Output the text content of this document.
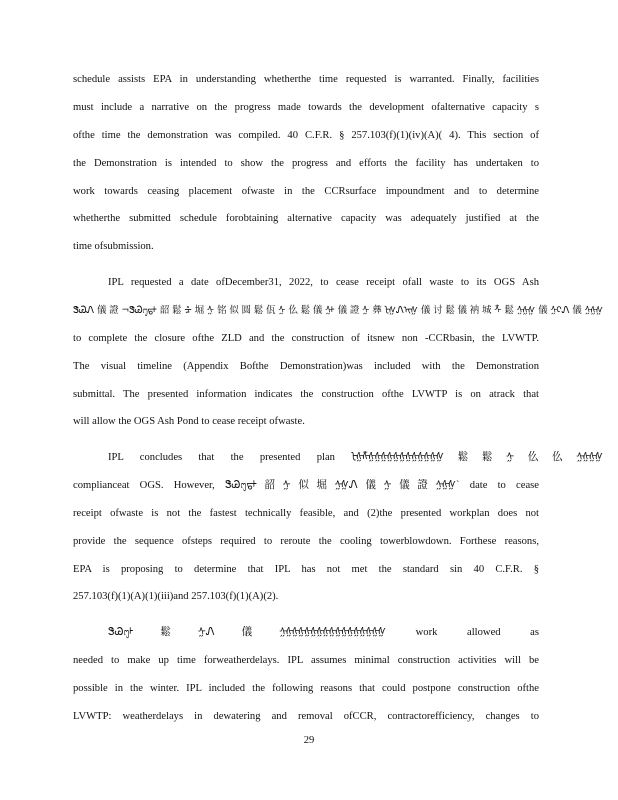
schedule assists EPA in understanding whetherthe time requested is warranted. Finally, facilities
must include a narrative on the progress made towards the development ofalternative capacity s
ofthe time the demonstration was compiled. 40 C.F.R. § 257.103(f)(1)(iv)(A)( 4). This section of
the Demonstration is intended to show the progress and efforts the facility has undertaken to
work towards ceasing placement ofwaste in the CCRsurface impoundment and to determine
whetherthe submitted schedule forobtaining alternative capacity was adequately justified at the
time ofsubmission.
IPL requested a date ofDecember31, 2022, to cease receipt ofall waste to its OGS Ash
ᏕᏊᏁ儀證¬ᏕᏊ᧕ᡖᡰ韶鬆ᡱ堀ᢢ铭似圆鬆佤ᢢ仫鬆儀ᢢᡰ儀證ᢢ彝ᡶᢢᏁᢈᢢ儀讨鬆儀衲城ᡮ鬆ᢢᢢᢢ儀ᢢᢈᏁ儀ᢢᢢᢢ
to complete the closure ofthe ZLD and the construction of itsnew non -CCRbasin, the LVWTP.
The visual timeline (Appendix Bofthe Demonstration)was included with the Demonstration
submittal. The presented information indicates the construction ofthe LVWTP is on atrack that
will allow the OGS Ash Pond to cease receipt ofwaste.
IPL concludes that the presented plan ᡶᢢᡮᢢᢢᢢᢢᢢᢢᢢᢢᢢᢢᢢᢢ鬆鬆ᢢ仫仫ᢢᢢᢢᢢ
complianceat OGS. However, ᏕᏊ᧕ᡖᡰ韶ᢢ似堀ᢢᢢᏁ儀ᢢ儀證ᢢᢢᢢ` date to cease
receipt ofwaste is not the fastest technically feasible, and (2)the presented workplan does not
provide the sequence ofsteps required to reroute the cooling towerblowdown. Forthese reasons,
EPA is proposing to determine that IPL has not met the standard sin 40 C.F.R. §
257.103(f)(1)(A)(1)(iii)and 257.103(f)(1)(A)(2).
ᏕᏊ᧕ᡰ鬆ᢢᏁ儀ᢢᢢᢢᢢᢢᢢᢢᢢᢢᢢᢢᢢᢢᢢᢢᢢᢢ work allowed as
needed to make up time forweatherdelays. IPL assumes minimal construction activities will be
possible in the winter. IPL included the following reasons that could postpone construction ofthe
LVWTP: weatherdelays in dewatering and removal ofCCR, contractorefficiency, changes to
29
